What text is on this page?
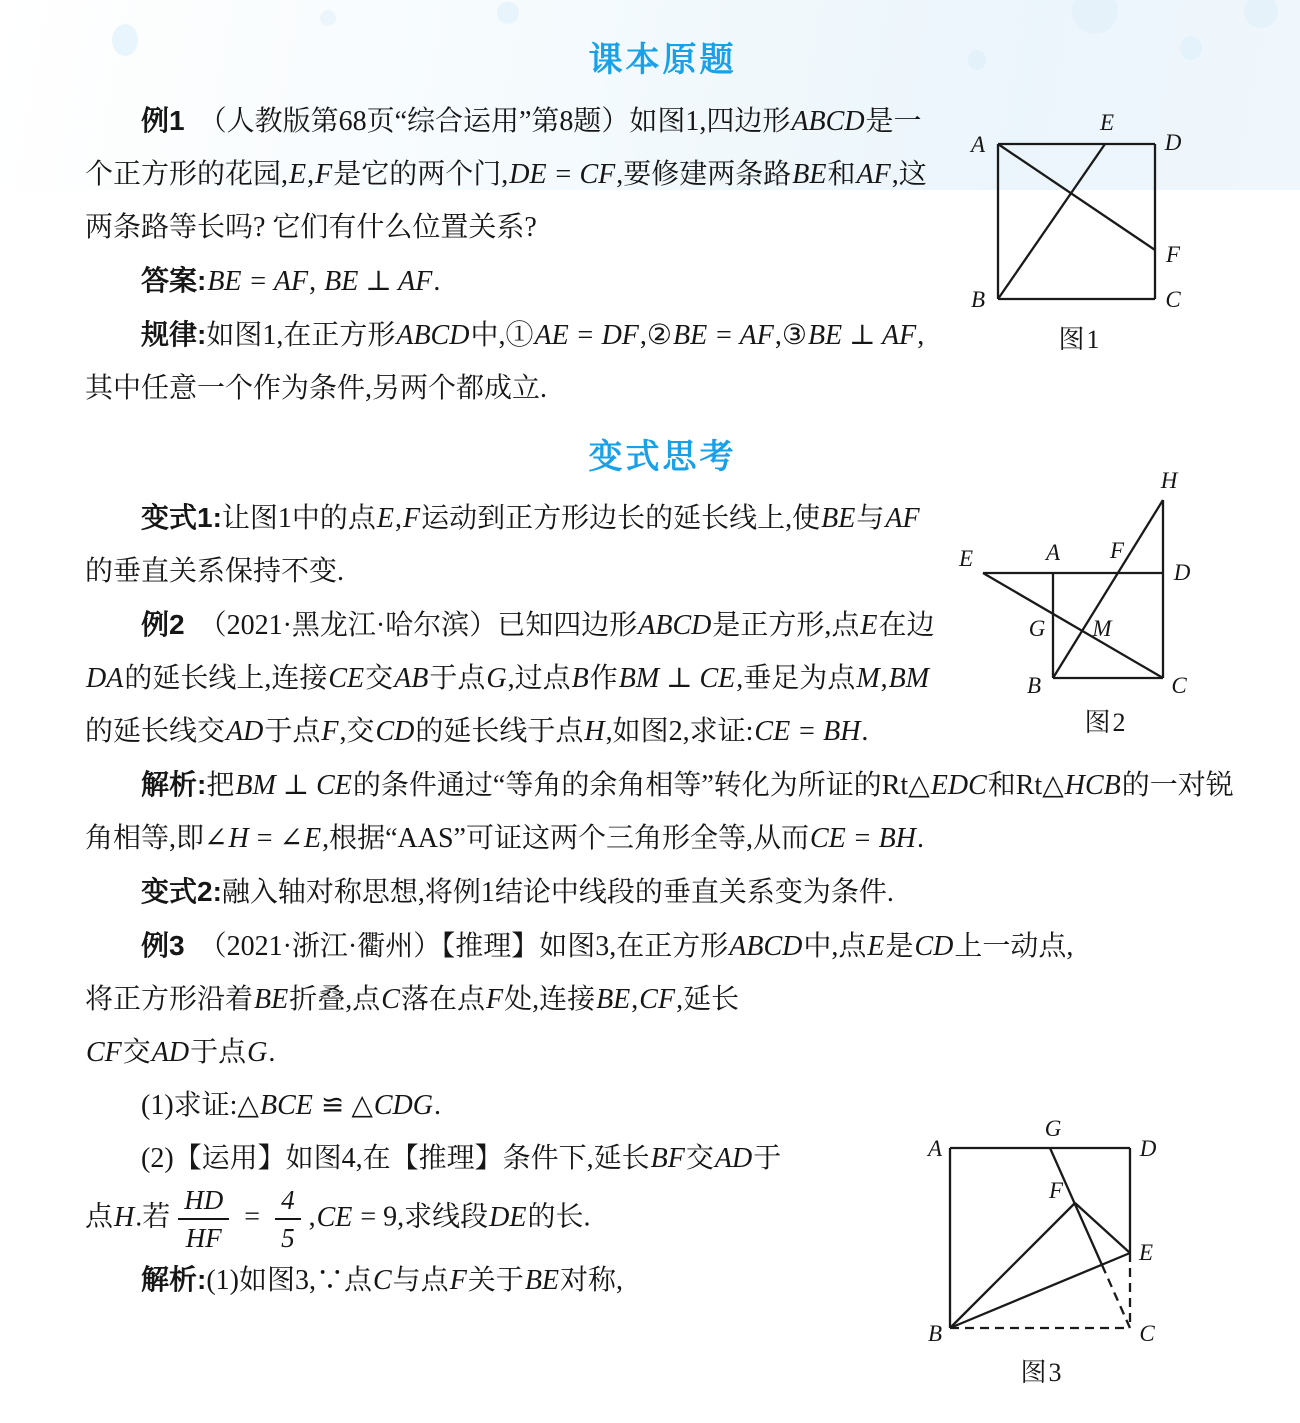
课本原题

例1　（人教版第68页“综合运用”第8题）如图1,四边形ABCD是一个正方形的花园,E,F是它的两个门,DE = CF,要修建两条路BE和AF,这两条路等长吗? 它们有什么位置关系?

答案:BE = AF, BE ⊥ AF.

规律:如图1,在正方形ABCD中,①AE = DF,②BE = AF,③BE ⊥ AF,其中任意一个作为条件,另两个都成立.

变式思考

变式1:让图1中的点E,F运动到正方形边长的延长线上,使BE与AF的垂直关系保持不变.

例2　（2021·黑龙江·哈尔滨）已知四边形ABCD是正方形,点E在边DA的延长线上,连接CE交AB于点G,过点B作BM ⊥ CE,垂足为点M,BM的延长线交AD于点F,交CD的延长线于点H,如图2,求证:CE = BH.

解析:把BM ⊥ CE的条件通过“等角的余角相等”转化为所证的Rt△EDC和Rt△HCB的一对锐角相等,即∠H = ∠E,根据“AAS”可证这两个三角形全等,从而CE = BH.

变式2:融入轴对称思想,将例1结论中线段的垂直关系变为条件.

例3　（2021·浙江·衢州）【推理】如图3,在正方形ABCD中,点E是CD上一动点,

将正方形沿着BE折叠,点C落在点F处,连接BE,CF,延长

CF交AD于点G.

(1)求证:△BCE ≌ △CDG.

(2)【运用】如图4,在【推理】条件下,延长BF交AD于

点H.若 $\frac{HD}{HF} = \frac{4}{5} ,CE = 9$,求线段DE的长.

解析:(1)如图3,∵点C与点F关于BE对称,

A
E
D
F
B	C
图1
H
E	A F
D
G M
B	C
图2
A
G
D
F
E
B	C
图3
